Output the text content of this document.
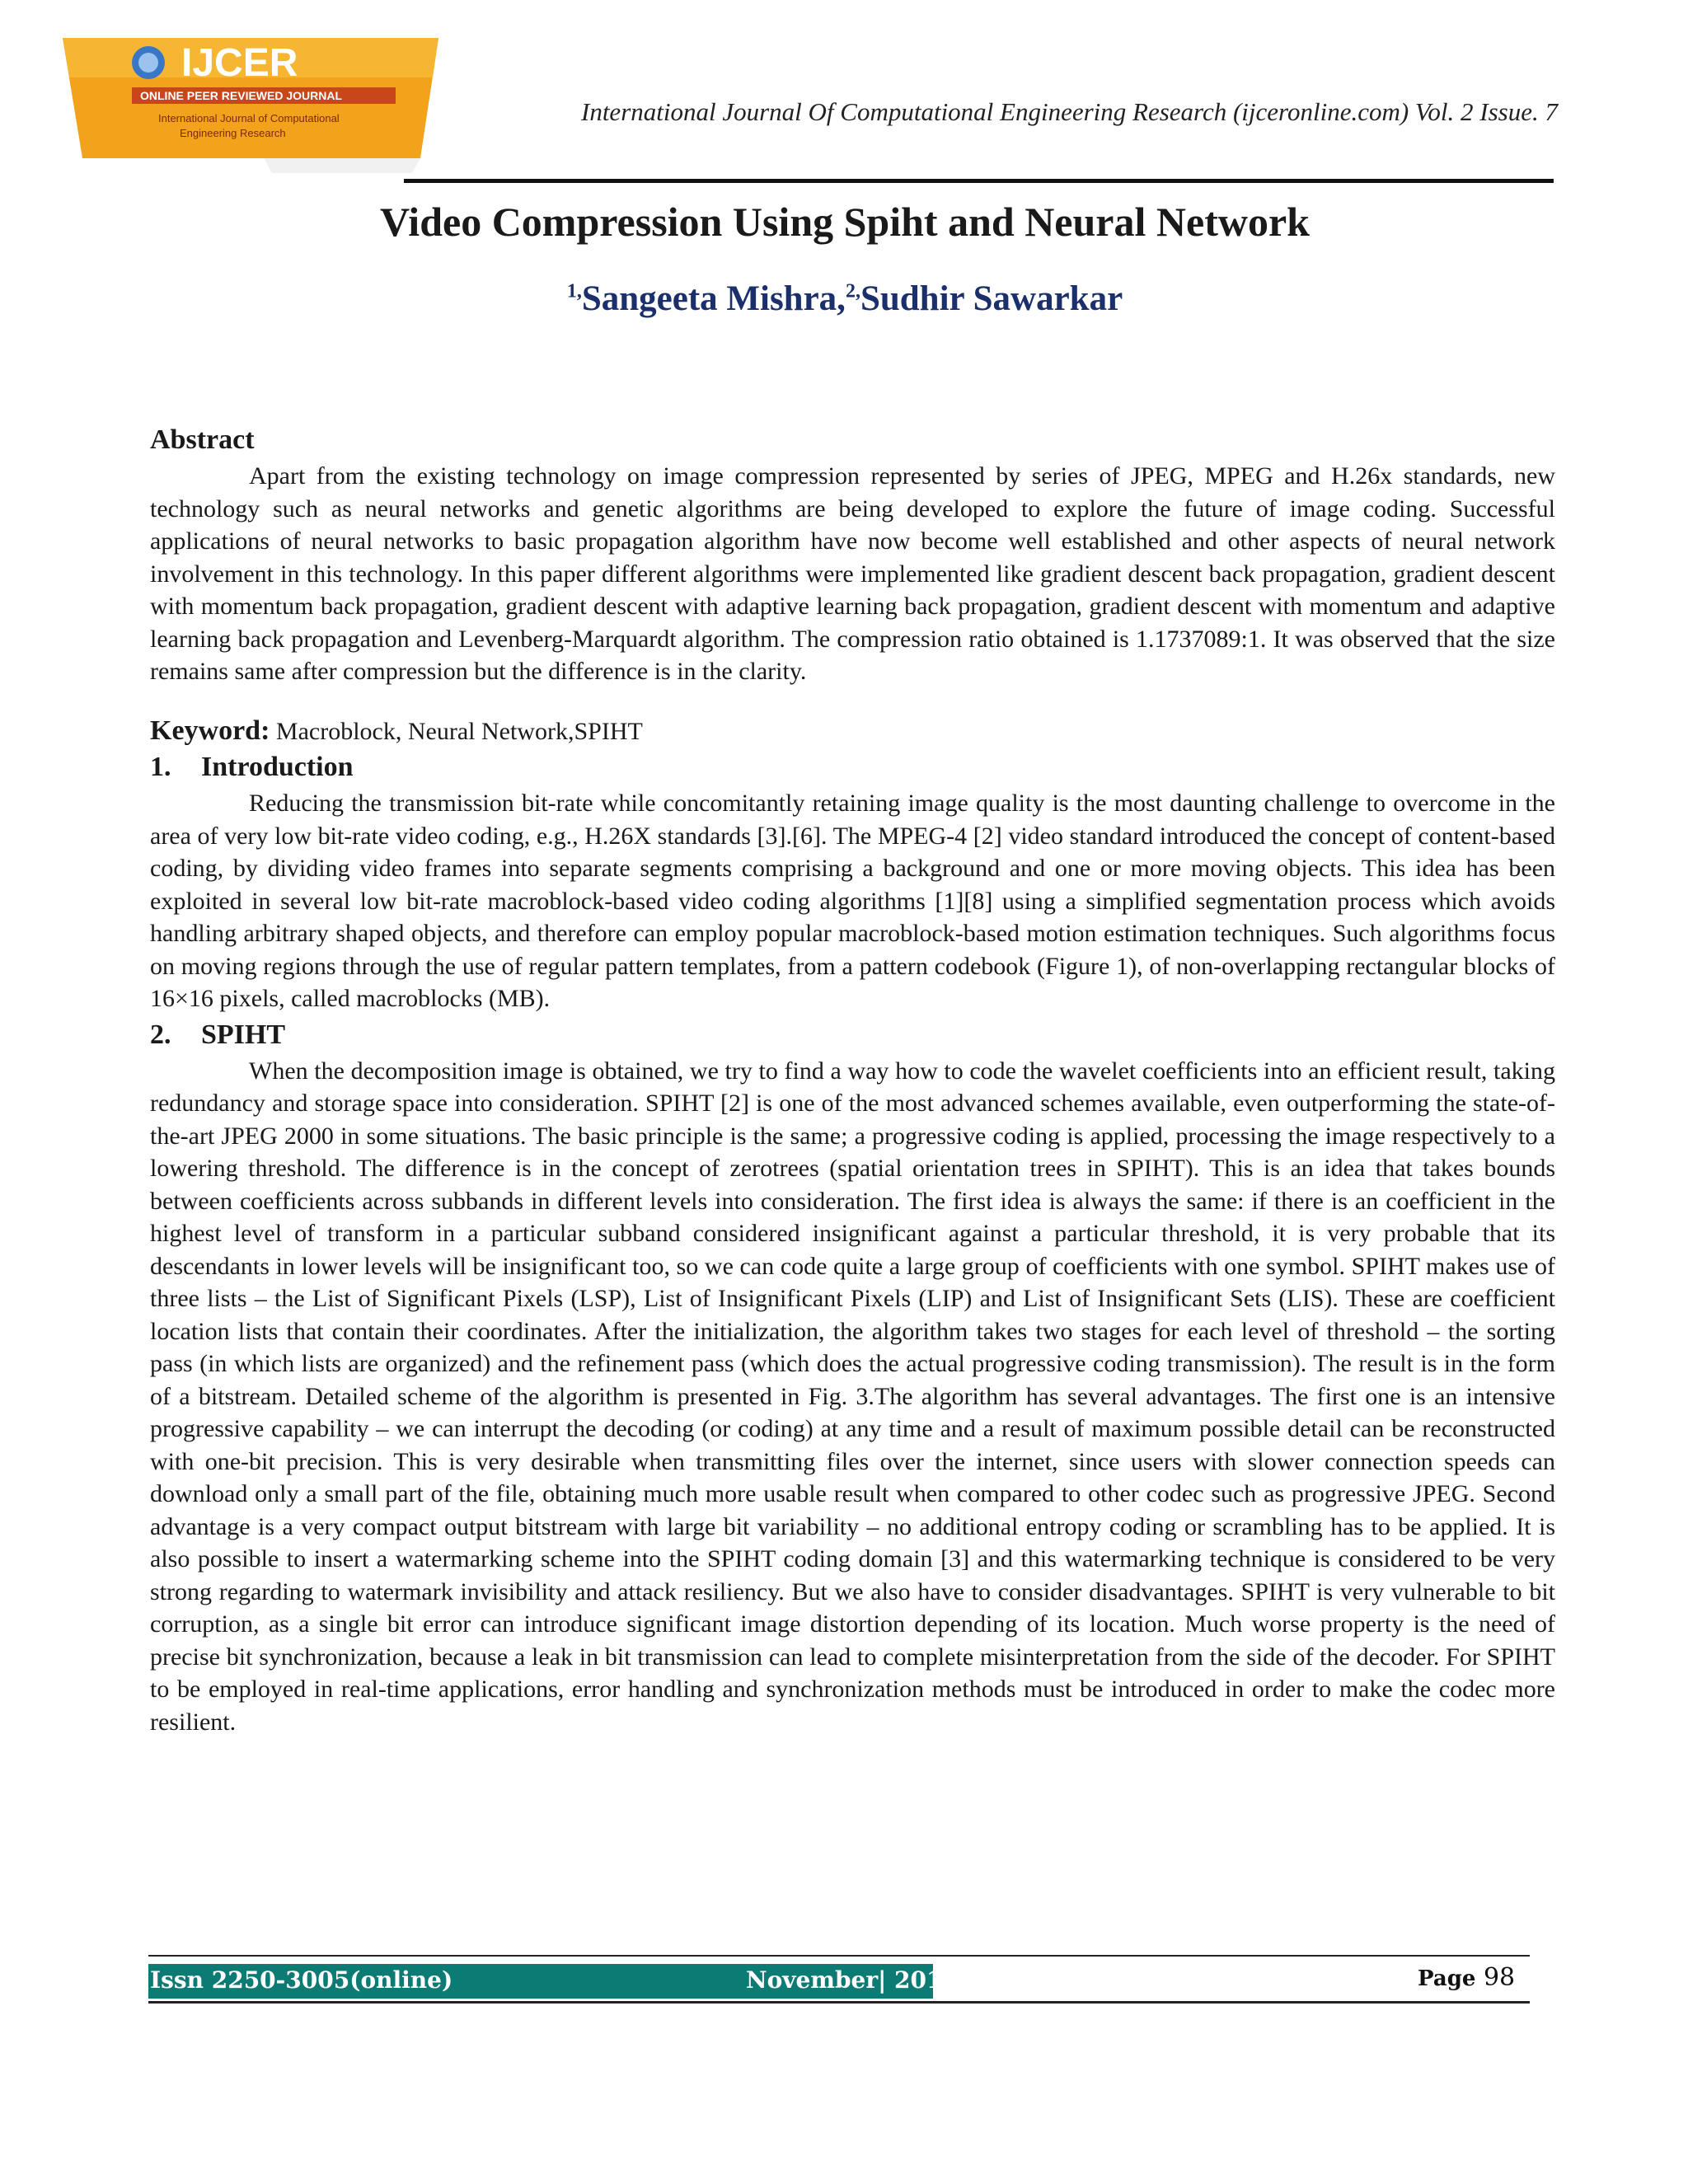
IJCER
ONLINE PEER REVIEWED JOURNAL
International Journal of Computational
Engineering Research
International Journal Of Computational Engineering Research (ijceronline.com) Vol. 2 Issue. 7
Video Compression Using Spiht and Neural Network
$^{1,}$Sangeeta Mishra,$^{2,}$Sudhir Sawarkar
Abstract

Apart from the existing technology on image compression represented by series of JPEG, MPEG and H.26x standards, new technology such as neural networks and genetic algorithms are being developed to explore the future of image coding. Successful applications of neural networks to basic propagation algorithm have now become well established and other aspects of neural network involvement in this technology. In this paper different algorithms were implemented like gradient descent back propagation, gradient descent with momentum back propagation, gradient descent with adaptive learning back propagation, gradient descent with momentum and adaptive learning back propagation and Levenberg-Marquardt algorithm. The compression ratio obtained is 1.1737089:1. It was observed that the size remains same after compression but the difference is in the clarity.

Keyword: Macroblock, Neural Network,SPIHT
1. Introduction

Reducing the transmission bit-rate while concomitantly retaining image quality is the most daunting challenge to overcome in the area of very low bit-rate video coding, e.g., H.26X standards [3].[6]. The MPEG-4 [2] video standard introduced the concept of content-based coding, by dividing video frames into separate segments comprising a background and one or more moving objects. This idea has been exploited in several low bit-rate macroblock-based video coding algorithms [1][8] using a simplified segmentation process which avoids handling arbitrary shaped objects, and therefore can employ popular macroblock-based motion estimation techniques. Such algorithms focus on moving regions through the use of regular pattern templates, from a pattern codebook (Figure 1), of non-overlapping rectangular blocks of 16×16 pixels, called macroblocks (MB).

2. SPIHT

When the decomposition image is obtained, we try to find a way how to code the wavelet coefficients into an efficient result, taking redundancy and storage space into consideration. SPIHT [2] is one of the most advanced schemes available, even outperforming the state-of-the-art JPEG 2000 in some situations. The basic principle is the same; a progressive coding is applied, processing the image respectively to a lowering threshold. The difference is in the concept of zerotrees (spatial orientation trees in SPIHT). This is an idea that takes bounds between coefficients across subbands in different levels into consideration. The first idea is always the same: if there is an coefficient in the highest level of transform in a particular subband considered insignificant against a particular threshold, it is very probable that its descendants in lower levels will be insignificant too, so we can code quite a large group of coefficients with one symbol. SPIHT makes use of three lists – the List of Significant Pixels (LSP), List of Insignificant Pixels (LIP) and List of Insignificant Sets (LIS). These are coefficient location lists that contain their coordinates. After the initialization, the algorithm takes two stages for each level of threshold – the sorting pass (in which lists are organized) and the refinement pass (which does the actual progressive coding transmission). The result is in the form of a bitstream. Detailed scheme of the algorithm is presented in Fig. 3.The algorithm has several advantages. The first one is an intensive progressive capability – we can interrupt the decoding (or coding) at any time and a result of maximum possible detail can be reconstructed with one-bit precision. This is very desirable when transmitting files over the internet, since users with slower connection speeds can download only a small part of the file, obtaining much more usable result when compared to other codec such as progressive JPEG. Second advantage is a very compact output bitstream with large bit variability – no additional entropy coding or scrambling has to be applied. It is also possible to insert a watermarking scheme into the SPIHT coding domain [3] and this watermarking technique is considered to be very strong regarding to watermark invisibility and attack resiliency. But we also have to consider disadvantages. SPIHT is very vulnerable to bit corruption, as a single bit error can introduce significant image distortion depending of its location. Much worse property is the need of precise bit synchronization, because a leak in bit transmission can lead to complete misinterpretation from the side of the decoder. For SPIHT to be employed in real-time applications, error handling and synchronization methods must be introduced in order to make the codec more resilient.

Issn 2250-3005(online)	November| 2012	Page 98
